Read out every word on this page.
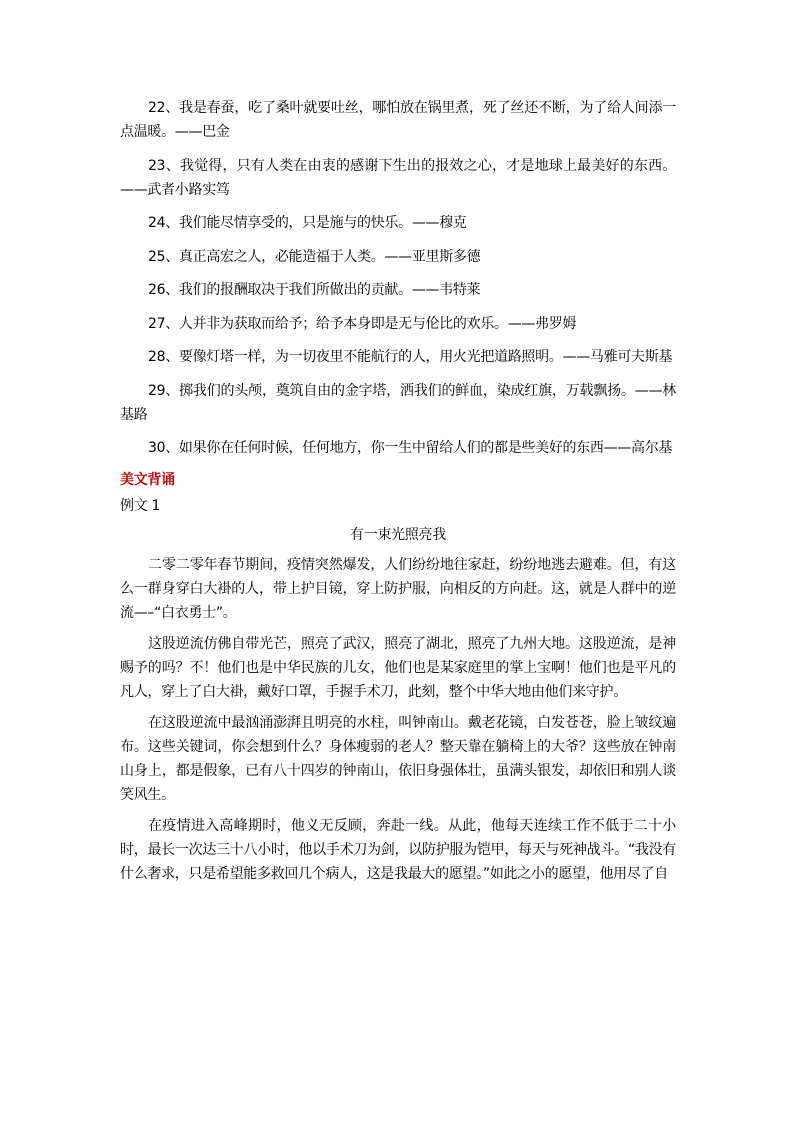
22、我是春蚕，吃了桑叶就要吐丝，哪怕放在锅里煮，死了丝还不断，为了给人间添一点温暖。——巴金

23、我觉得，只有人类在由衷的感谢下生出的报效之心，才是地球上最美好的东西。——武者小路实笃

24、我们能尽情享受的，只是施与的快乐。——穆克

25、真正高宏之人，必能造福于人类。——亚里斯多德

26、我们的报酬取决于我们所做出的贡献。——韦特莱

27、人并非为获取而给予；给予本身即是无与伦比的欢乐。——弗罗姆

28、要像灯塔一样，为一切夜里不能航行的人，用火光把道路照明。——马雅可夫斯基

29、掷我们的头颅，奠筑自由的金字塔，洒我们的鲜血，染成红旗，万载飘扬。——林基路

30、如果你在任何时候，任何地方，你一生中留给人们的都是些美好的东西——高尔基

美文背诵
例文 1
有一束光照亮我

二零二零年春节期间，疫情突然爆发，人们纷纷地往家赶，纷纷地逃去避难。但，有这么一群身穿白大褂的人，带上护目镜，穿上防护服，向相反的方向赶。这，就是人群中的逆流—–“白衣勇士”。

这股逆流仿佛自带光芒，照亮了武汉，照亮了湖北，照亮了九州大地。这股逆流，是神赐予的吗？不！他们也是中华民族的儿女，他们也是某家庭里的掌上宝啊！他们也是平凡的凡人，穿上了白大褂，戴好口罩，手握手术刀，此刻，整个中华大地由他们来守护。

在这股逆流中最汹涌澎湃且明亮的水柱，叫钟南山。戴老花镜，白发苍苍，脸上皱纹遍布。这些关键词，你会想到什么？身体瘦弱的老人？整天靠在躺椅上的大爷？这些放在钟南山身上，都是假象，已有八十四岁的钟南山，依旧身强体壮，虽满头银发，却依旧和别人谈笑风生。

在疫情进入高峰期时，他义无反顾，奔赴一线。从此，他每天连续工作不低于二十小时，最长一次达三十八小时，他以手术刀为剑，以防护服为铠甲，每天与死神战斗。“我没有什么奢求，只是希望能多救回几个病人，这是我最大的愿望。”如此之小的愿望，他用尽了自
